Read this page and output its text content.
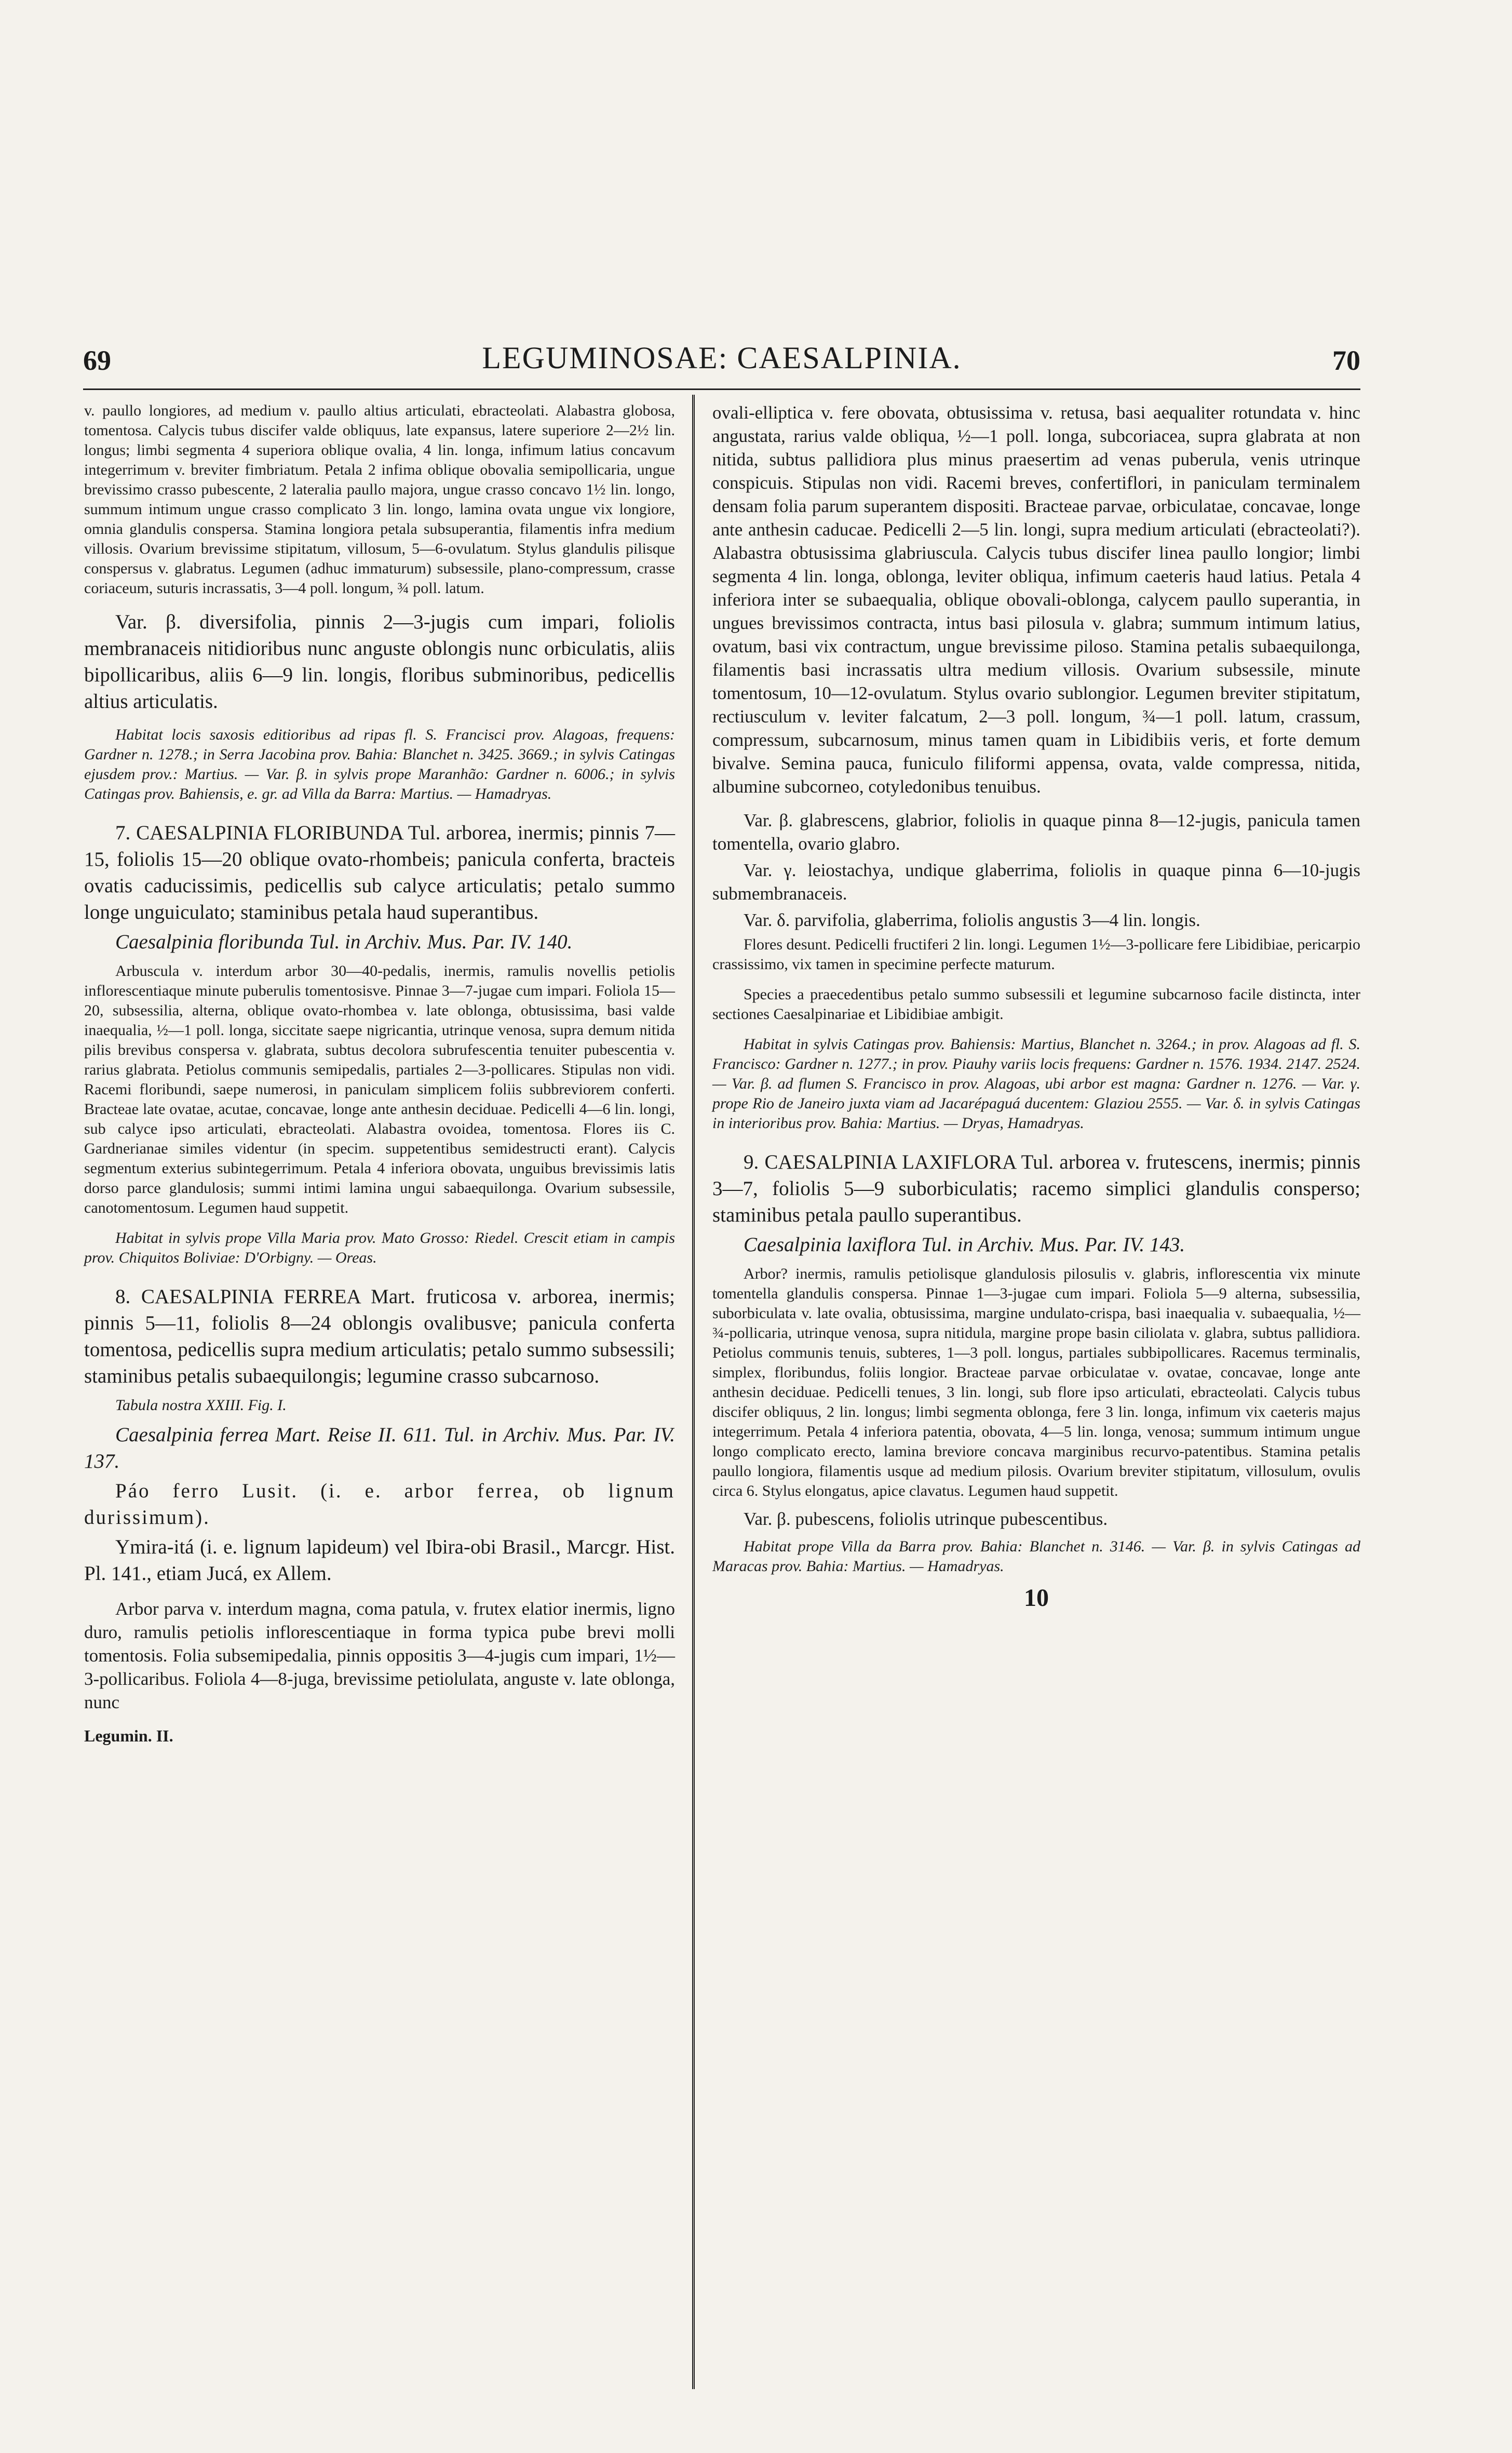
69	LEGUMINOSAE: CAESALPINIA.	70

v. paullo longiores, ad medium v. paullo altius articulati, ebracteolati. Alabastra globosa, tomentosa. Calycis tubus discifer valde obliquus, late expansus, latere superiore 2—2½ lin. longus; limbi segmenta 4 superiora oblique ovalia, 4 lin. longa, infimum latius concavum integerrimum v. breviter fimbriatum. Petala 2 infima oblique obovalia semipollicaria, ungue brevissimo crasso pubescente, 2 lateralia paullo majora, ungue crasso concavo 1½ lin. longo, summum intimum ungue crasso complicato 3 lin. longo, lamina ovata ungue vix longiore, omnia glandulis conspersa. Stamina longiora petala subsuperantia, filamentis infra medium villosis. Ovarium brevissime stipitatum, villosum, 5—6-ovulatum. Stylus glandulis pilisque conspersus v. glabratus. Legumen (adhuc immaturum) subsessile, plano-compressum, crasse coriaceum, suturis incrassatis, 3—4 poll. longum, ¾ poll. latum.

Var. β. diversifolia, pinnis 2—3-jugis cum impari, foliolis membranaceis nitidioribus nunc anguste oblongis nunc orbiculatis, aliis bipollicaribus, aliis 6—9 lin. longis, floribus subminoribus, pedicellis altius articulatis.

Habitat locis saxosis editioribus ad ripas fl. S. Francisci prov. Alagoas, frequens: Gardner n. 1278.; in Serra Jacobina prov. Bahia: Blanchet n. 3425. 3669.; in sylvis Catingas ejusdem prov.: Martius. — Var. β. in sylvis prope Maranhão: Gardner n. 6006.; in sylvis Catingas prov. Bahiensis, e. gr. ad Villa da Barra: Martius. — Hamadryas.

7. CAESALPINIA FLORIBUNDA Tul. arborea, inermis; pinnis 7—15, foliolis 15—20 oblique ovato-rhombeis; panicula conferta, bracteis ovatis caducissimis, pedicellis sub calyce articulatis; petalo summo longe unguiculato; staminibus petala haud superantibus.

Caesalpinia floribunda Tul. in Archiv. Mus. Par. IV. 140.

Arbuscula v. interdum arbor 30—40-pedalis, inermis, ramulis novellis petiolis inflorescentiaque minute puberulis tomentosisve. Pinnae 3—7-jugae cum impari. Foliola 15—20, subsessilia, alterna, oblique ovato-rhombea v. late oblonga, obtusissima, basi valde inaequalia, ½—1 poll. longa, siccitate saepe nigricantia, utrinque venosa, supra demum nitida pilis brevibus conspersa v. glabrata, subtus decolora subrufescentia tenuiter pubescentia v. rarius glabrata. Petiolus communis semipedalis, partiales 2—3-pollicares. Stipulas non vidi. Racemi floribundi, saepe numerosi, in paniculam simplicem foliis subbreviorem conferti. Bracteae late ovatae, acutae, concavae, longe ante anthesin deciduae. Pedicelli 4—6 lin. longi, sub calyce ipso articulati, ebracteolati. Alabastra ovoidea, tomentosa. Flores iis C. Gardnerianae similes videntur (in specim. suppetentibus semidestructi erant). Calycis segmentum exterius subintegerrimum. Petala 4 inferiora obovata, unguibus brevissimis latis dorso parce glandulosis; summi intimi lamina ungui sabaequilonga. Ovarium subsessile, canotomentosum. Legumen haud suppetit.

Habitat in sylvis prope Villa Maria prov. Mato Grosso: Riedel. Crescit etiam in campis prov. Chiquitos Boliviae: D'Orbigny. — Oreas.

8. CAESALPINIA FERREA Mart. fruticosa v. arborea, inermis; pinnis 5—11, foliolis 8—24 oblongis ovalibusve; panicula conferta tomentosa, pedicellis supra medium articulatis; petalo summo subsessili; staminibus petalis subaequilongis; legumine crasso subcarnoso.

Tabula nostra XXIII. Fig. I.

Caesalpinia ferrea Mart. Reise II. 611. Tul. in Archiv. Mus. Par. IV. 137.

Páo ferro Lusit. (i. e. arbor ferrea, ob lignum durissimum).

Ymira-itá (i. e. lignum lapideum) vel Ibira-obi Brasil., Marcgr. Hist. Pl. 141., etiam Jucá, ex Allem.

Arbor parva v. interdum magna, coma patula, v. frutex elatior inermis, ligno duro, ramulis petiolis inflorescentiaque in forma typica pube brevi molli tomentosis. Folia subsemipedalia, pinnis oppositis 3—4-jugis cum impari, 1½—3-pollicaribus. Foliola 4—8-juga, brevissime petiolulata, anguste v. late oblonga, nunc

Legumin. II.

ovali-elliptica v. fere obovata, obtusissima v. retusa, basi aequaliter rotundata v. hinc angustata, rarius valde obliqua, ½—1 poll. longa, subcoriacea, supra glabrata at non nitida, subtus pallidiora plus minus praesertim ad venas puberula, venis utrinque conspicuis. Stipulas non vidi. Racemi breves, confertiflori, in paniculam terminalem densam folia parum superantem dispositi. Bracteae parvae, orbiculatae, concavae, longe ante anthesin caducae. Pedicelli 2—5 lin. longi, supra medium articulati (ebracteolati?). Alabastra obtusissima glabriuscula. Calycis tubus discifer linea paullo longior; limbi segmenta 4 lin. longa, oblonga, leviter obliqua, infimum caeteris haud latius. Petala 4 inferiora inter se subaequalia, oblique obovali-oblonga, calycem paullo superantia, in ungues brevissimos contracta, intus basi pilosula v. glabra; summum intimum latius, ovatum, basi vix contractum, ungue brevissime piloso. Stamina petalis subaequilonga, filamentis basi incrassatis ultra medium villosis. Ovarium subsessile, minute tomentosum, 10—12-ovulatum. Stylus ovario sublongior. Legumen breviter stipitatum, rectiusculum v. leviter falcatum, 2—3 poll. longum, ¾—1 poll. latum, crassum, compressum, subcarnosum, minus tamen quam in Libidibiis veris, et forte demum bivalve. Semina pauca, funiculo filiformi appensa, ovata, valde compressa, nitida, albumine subcorneo, cotyledonibus tenuibus.

Var. β. glabrescens, glabrior, foliolis in quaque pinna 8—12-jugis, panicula tamen tomentella, ovario glabro.

Var. γ. leiostachya, undique glaberrima, foliolis in quaque pinna 6—10-jugis submembranaceis.

Var. δ. parvifolia, glaberrima, foliolis angustis 3—4 lin. longis.

Flores desunt. Pedicelli fructiferi 2 lin. longi. Legumen 1½—3-pollicare fere Libidibiae, pericarpio crassissimo, vix tamen in specimine perfecte maturum.

Species a praecedentibus petalo summo subsessili et legumine subcarnoso facile distincta, inter sectiones Caesalpinariae et Libidibiae ambigit.

Habitat in sylvis Catingas prov. Bahiensis: Martius, Blanchet n. 3264.; in prov. Alagoas ad fl. S. Francisco: Gardner n. 1277.; in prov. Piauhy variis locis frequens: Gardner n. 1576. 1934. 2147. 2524. — Var. β. ad flumen S. Francisco in prov. Alagoas, ubi arbor est magna: Gardner n. 1276. — Var. γ. prope Rio de Janeiro juxta viam ad Jacarépaguá ducentem: Glaziou 2555. — Var. δ. in sylvis Catingas in interioribus prov. Bahia: Martius. — Dryas, Hamadryas.

9. CAESALPINIA LAXIFLORA Tul. arborea v. frutescens, inermis; pinnis 3—7, foliolis 5—9 suborbiculatis; racemo simplici glandulis consperso; staminibus petala paullo superantibus.

Caesalpinia laxiflora Tul. in Archiv. Mus. Par. IV. 143.

Arbor? inermis, ramulis petiolisque glandulosis pilosulis v. glabris, inflorescentia vix minute tomentella glandulis conspersa. Pinnae 1—3-jugae cum impari. Foliola 5—9 alterna, subsessilia, suborbiculata v. late ovalia, obtusissima, margine undulato-crispa, basi inaequalia v. subaequalia, ½—¾-pollicaria, utrinque venosa, supra nitidula, margine prope basin ciliolata v. glabra, subtus pallidiora. Petiolus communis tenuis, subteres, 1—3 poll. longus, partiales subbipollicares. Racemus terminalis, simplex, floribundus, foliis longior. Bracteae parvae orbiculatae v. ovatae, concavae, longe ante anthesin deciduae. Pedicelli tenues, 3 lin. longi, sub flore ipso articulati, ebracteolati. Calycis tubus discifer obliquus, 2 lin. longus; limbi segmenta oblonga, fere 3 lin. longa, infimum vix caeteris majus integerrimum. Petala 4 inferiora patentia, obovata, 4—5 lin. longa, venosa; summum intimum ungue longo complicato erecto, lamina breviore concava marginibus recurvo-patentibus. Stamina petalis paullo longiora, filamentis usque ad medium pilosis. Ovarium breviter stipitatum, villosulum, ovulis circa 6. Stylus elongatus, apice clavatus. Legumen haud suppetit.

Var. β. pubescens, foliolis utrinque pubescentibus.

Habitat prope Villa da Barra prov. Bahia: Blanchet n. 3146. — Var. β. in sylvis Catingas ad Maracas prov. Bahia: Martius. — Hamadryas.

10
